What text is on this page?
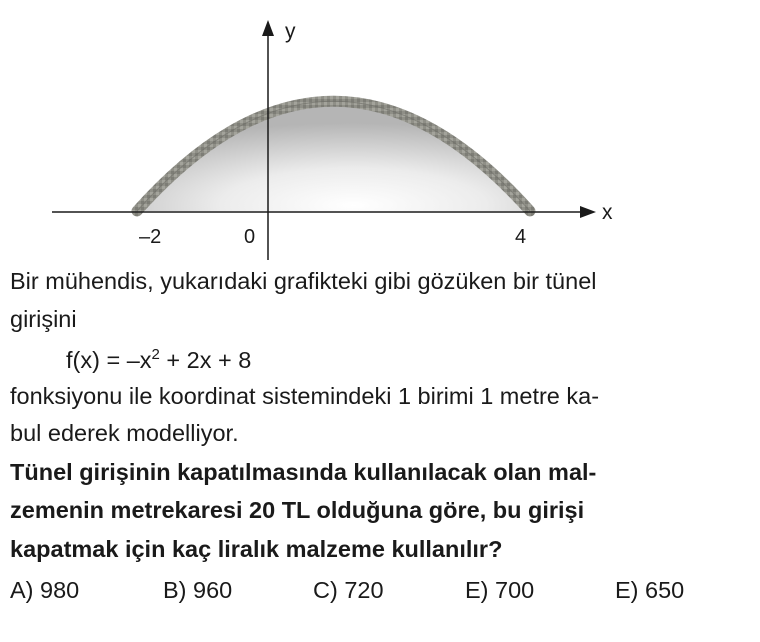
y
x
–2	0	4
Bir mühendis, yukarıdaki grafikteki gibi gözüken bir tünel
girişini
$f(x) = -x^2 + 2x + 8$
fonksiyonu ile koordinat sistemindeki 1 birimi 1 metre ka-
bul ederek modelliyor.
Tünel girişinin kapatılmasında kullanılacak olan mal-
zemenin metrekaresi 20 TL olduğuna göre, bu girişi
kapatmak için kaç liralık malzeme kullanılır?
A) 980	B) 960	C) 720	E) 700	E) 650
